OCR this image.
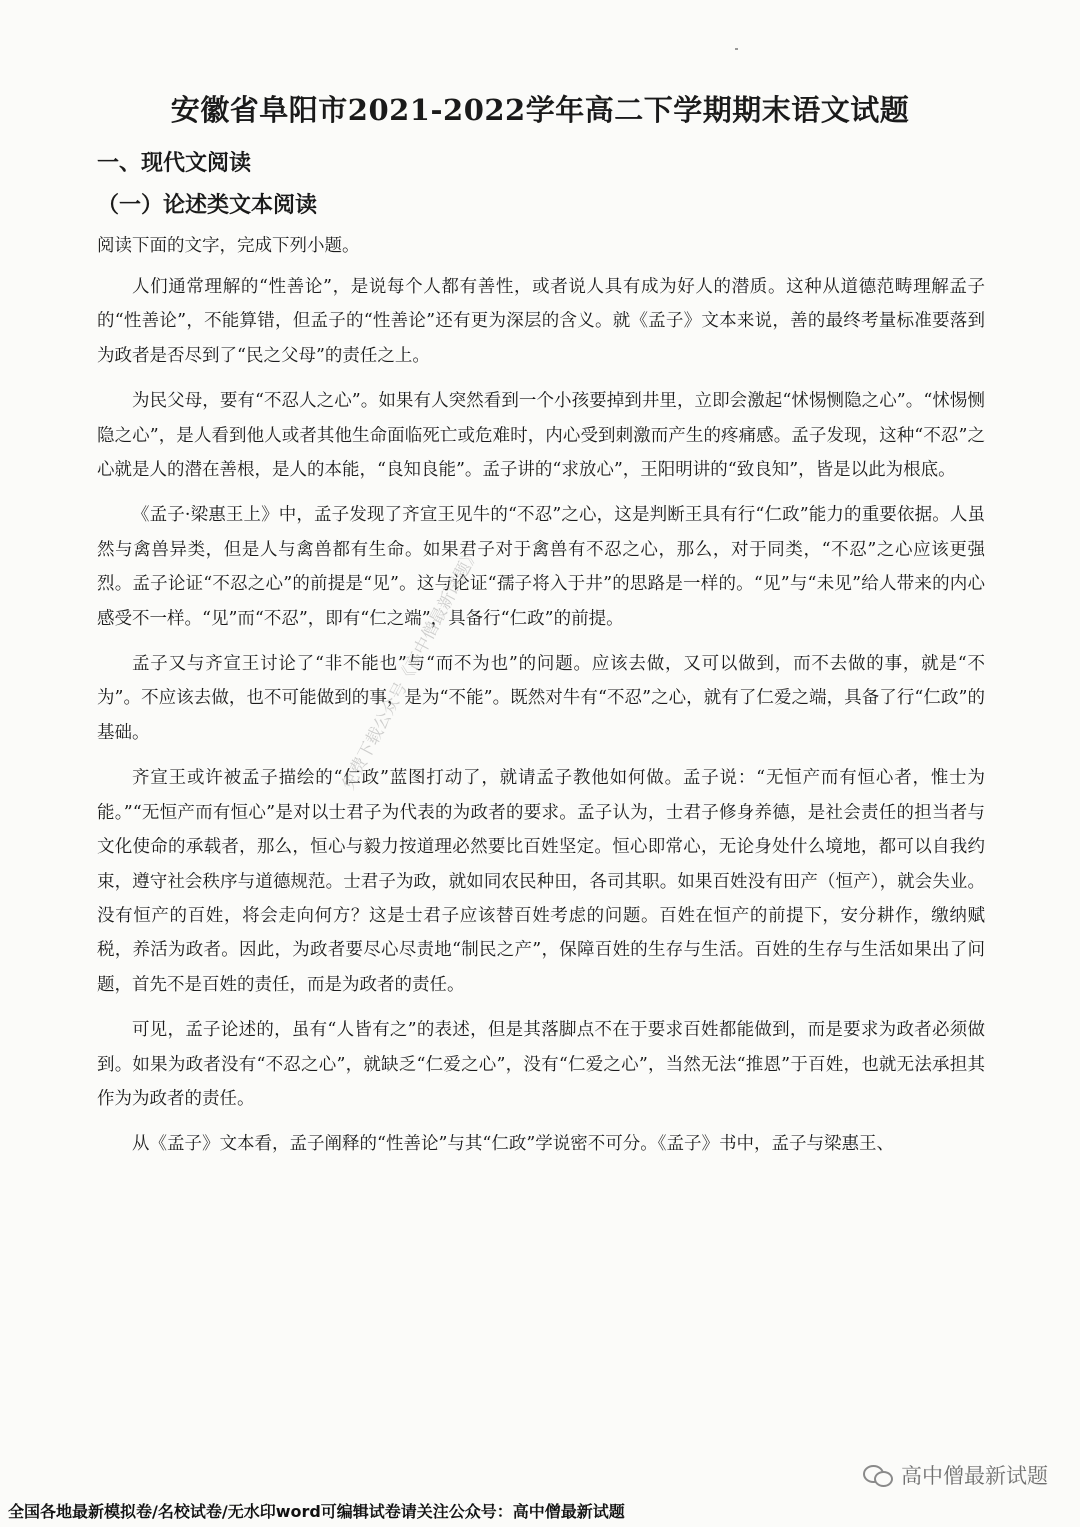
安徽省阜阳市2021-2022学年高二下学期期末语文试题
一、现代文阅读
（一）论述类文本阅读
阅读下面的文字，完成下列小题。

人们通常理解的“性善论”，是说每个人都有善性，或者说人具有成为好人的潜质。这种从道德范畴理解孟子的“性善论”，不能算错，但孟子的“性善论”还有更为深层的含义。就《孟子》文本来说，善的最终考量标准要落到为政者是否尽到了“民之父母”的责任之上。

为民父母，要有“不忍人之心”。如果有人突然看到一个小孩要掉到井里，立即会激起“怵惕恻隐之心”。“怵惕恻隐之心”，是人看到他人或者其他生命面临死亡或危难时，内心受到刺激而产生的疼痛感。孟子发现，这种“不忍”之心就是人的潜在善根，是人的本能，“良知良能”。孟子讲的“求放心”，王阳明讲的“致良知”，皆是以此为根底。

《孟子·梁惠王上》中，孟子发现了齐宣王见牛的“不忍”之心，这是判断王具有行“仁政”能力的重要依据。人虽然与禽兽异类，但是人与禽兽都有生命。如果君子对于禽兽有不忍之心，那么，对于同类，“不忍”之心应该更强烈。孟子论证“不忍之心”的前提是“见”。这与论证“孺子将入于井”的思路是一样的。“见”与“未见”给人带来的内心感受不一样。“见”而“不忍”，即有“仁之端”，具备行“仁政”的前提。

孟子又与齐宣王讨论了“非不能也”与“而不为也”的问题。应该去做，又可以做到，而不去做的事，就是“不为”。不应该去做，也不可能做到的事，是为“不能”。既然对牛有“不忍”之心，就有了仁爱之端，具备了行“仁政”的基础。

齐宣王或许被孟子描绘的“仁政”蓝图打动了，就请孟子教他如何做。孟子说：“无恒产而有恒心者，惟士为能。”“无恒产而有恒心”是对以士君子为代表的为政者的要求。孟子认为，士君子修身养德，是社会责任的担当者与文化使命的承载者，那么，恒心与毅力按道理必然要比百姓坚定。恒心即常心，无论身处什么境地，都可以自我约束，遵守社会秩序与道德规范。士君子为政，就如同农民种田，各司其职。如果百姓没有田产（恒产），就会失业。没有恒产的百姓，将会走向何方？这是士君子应该替百姓考虑的问题。百姓在恒产的前提下，安分耕作，缴纳赋税，养活为政者。因此，为政者要尽心尽责地“制民之产”，保障百姓的生存与生活。百姓的生存与生活如果出了问题，首先不是百姓的责任，而是为政者的责任。

可见，孟子论述的，虽有“人皆有之”的表述，但是其落脚点不在于要求百姓都能做到，而是要求为政者必须做到。如果为政者没有“不忍之心”，就缺乏“仁爱之心”，没有“仁爱之心”，当然无法“推恩”于百姓，也就无法承担其作为为政者的责任。

从《孟子》文本看，孟子阐释的“性善论”与其“仁政”学说密不可分。《孟子》书中，孟子与梁惠王、

免费下载公众号《高中僧最新试题》
高中僧最新试题
全国各地最新模拟卷/名校试卷/无水印word可编辑试卷请关注公众号：高中僧最新试题
